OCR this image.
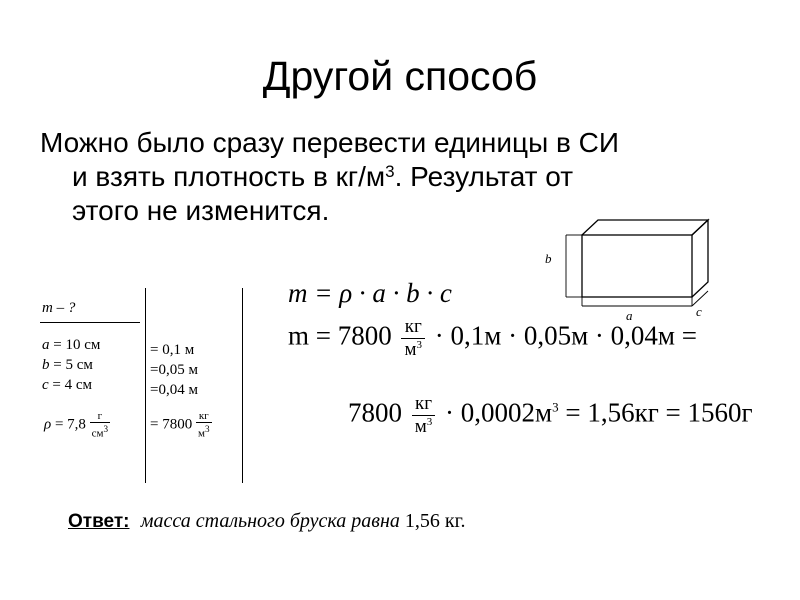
Другой способ

Можно было сразу перевести единицы в СИ
и взять плотность в $кг/м^3$. Результат от
этого не изменится.

m – ?
a = 10 см
b = 5 см
c = 4 см
$\rho = 7,8 \frac{г}{см^3}$
= 0,1 м
=0,05 м
=0,04 м
= $7800 \frac{кг}{м^3}$
m = ρ · a · b · c
$m = 7800 \frac{кг}{м^3} \cdot 0,1м \cdot 0,05м \cdot 0,04м$ =
$7800 \frac{кг}{м^3} \cdot 0,0002м^3 = 1,56кг = 1560г$
b
a	c
Ответ: масса стального бруска равна 1,56 кг.
